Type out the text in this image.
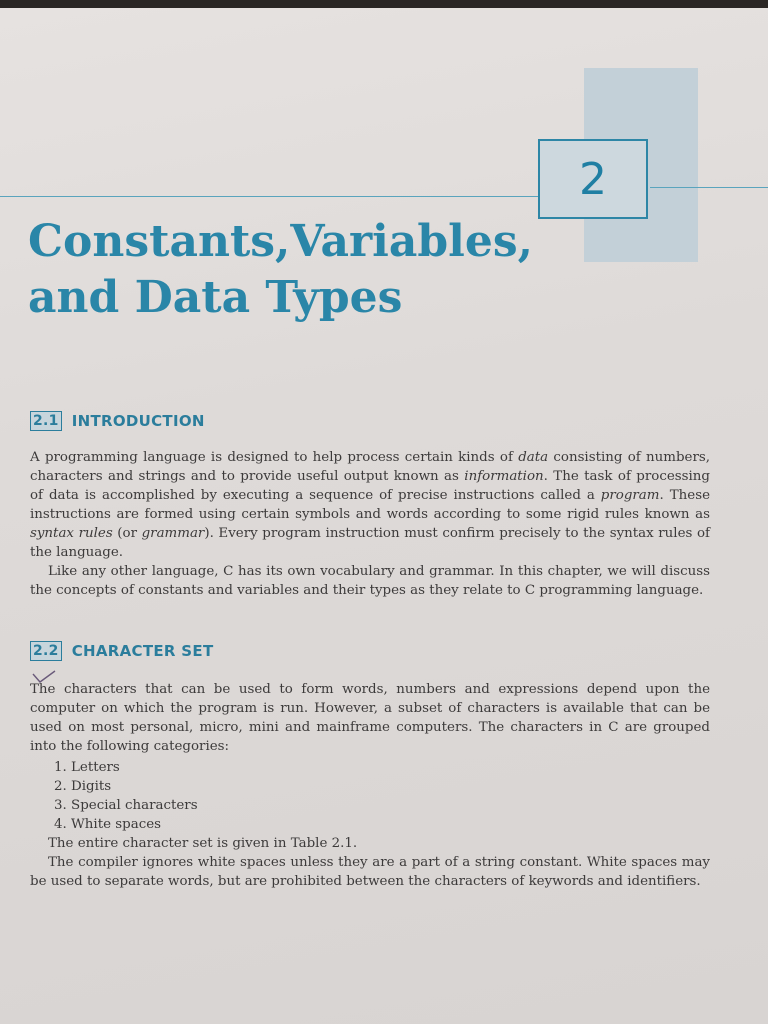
2
Constants,Variables,
and Data Types
2.1 INTRODUCTION

A programming language is designed to help process certain kinds of data consisting of numbers, characters and strings and to provide useful output known as information. The task of processing of data is accomplished by executing a sequence of precise instructions called a program. These instructions are formed using certain symbols and words according to some rigid rules known as syntax rules (or grammar). Every program instruction must confirm precisely to the syntax rules of the language.

Like any other language, C has its own vocabulary and grammar. In this chapter, we will discuss the concepts of constants and variables and their types as they relate to C programming language.

2.2 CHARACTER SET

The characters that can be used to form words, numbers and expressions depend upon the computer on which the program is run. However, a subset of characters is available that can be used on most personal, micro, mini and mainframe computers. The characters in C are grouped into the following categories:

1. Letters
2. Digits
3. Special characters
4. White spaces

The entire character set is given in Table 2.1.

The compiler ignores white spaces unless they are a part of a string constant. White spaces may be used to separate words, but are prohibited between the characters of keywords and identifiers.
